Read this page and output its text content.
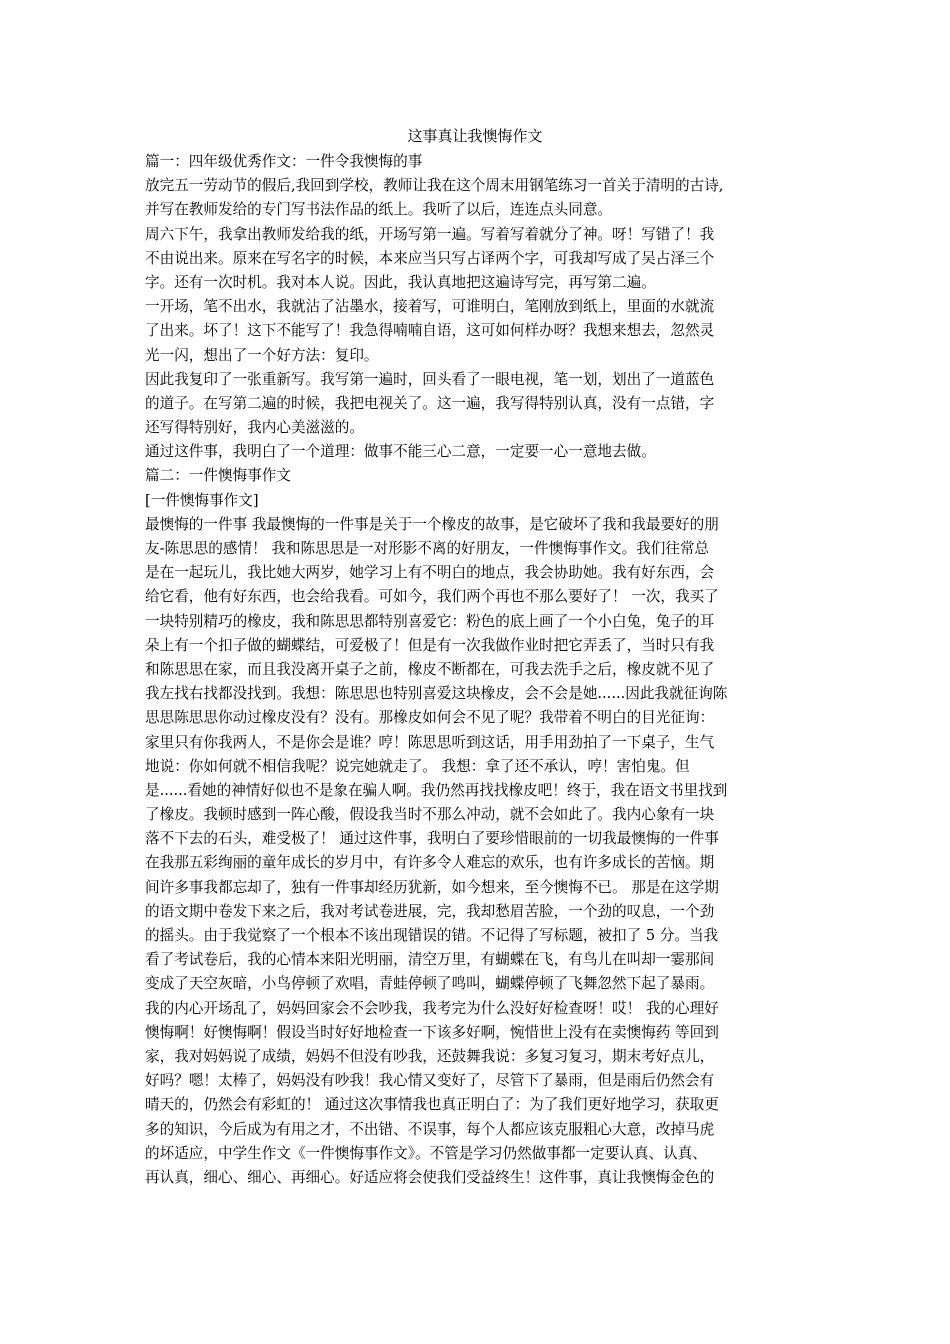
这事真让我懊悔作文
篇一：四年级优秀作文：一件令我懊悔的事
放完五一劳动节的假后,我回到学校，教师让我在这个周末用钢笔练习一首关于清明的古诗,
并写在教师发给的专门写书法作品的纸上。我听了以后，连连点头同意。
周六下午，我拿出教师发给我的纸，开场写第一遍。写着写着就分了神。呀！写错了！我
不由说出来。原来在写名字的时候，本来应当只写占译两个字，可我却写成了吴占泽三个
字。还有一次时机。我对本人说。因此，我认真地把这遍诗写完，再写第二遍。
一开场，笔不出水，我就沾了沾墨水，接着写，可谁明白，笔刚放到纸上，里面的水就流
了出来。坏了！这下不能写了！我急得喃喃自语，这可如何样办呀？我想来想去，忽然灵
光一闪，想出了一个好方法：复印。
因此我复印了一张重新写。我写第一遍时，回头看了一眼电视，笔一划，划出了一道蓝色
的道子。在写第二遍的时候，我把电视关了。这一遍，我写得特别认真，没有一点错，字
还写得特别好，我内心美滋滋的。
通过这件事，我明白了一个道理：做事不能三心二意，一定要一心一意地去做。
篇二：一件懊悔事作文
[一件懊悔事作文]
最懊悔的一件事 我最懊悔的一件事是关于一个橡皮的故事，是它破坏了我和我最要好的朋
友-陈思思的感情！ 我和陈思思是一对形影不离的好朋友，一件懊悔事作文。我们往常总
是在一起玩儿，我比她大两岁，她学习上有不明白的地点，我会协助她。我有好东西，会
给它看，他有好东西，也会给我看。可如今，我们两个再也不那么要好了！ 一次，我买了
一块特别精巧的橡皮，我和陈思思都特别喜爱它：粉色的底上画了一个小白兔，兔子的耳
朵上有一个扣子做的蝴蝶结，可爱极了！但是有一次我做作业时把它弄丢了，当时只有我
和陈思思在家，而且我没离开桌子之前，橡皮不断都在，可我去洗手之后，橡皮就不见了
我左找右找都没找到。我想：陈思思也特别喜爱这块橡皮，会不会是她......因此我就征询陈
思思陈思思你动过橡皮没有？没有。那橡皮如何会不见了呢？我带着不明白的目光征询：
家里只有你我两人，不是你会是谁？哼！陈思思听到这话，用手用劲拍了一下桌子，生气
地说：你如何就不相信我呢？说完她就走了。 我想：拿了还不承认，哼！害怕鬼。但
是......看她的神情好似也不是象在骗人啊。我仍然再找找橡皮吧！终于，我在语文书里找到
了橡皮。我顿时感到一阵心酸，假设我当时不那么冲动，就不会如此了。我内心象有一块
落不下去的石头，难受极了！ 通过这件事，我明白了要珍惜眼前的一切我最懊悔的一件事
在我那五彩绚丽的童年成长的岁月中，有许多令人难忘的欢乐，也有许多成长的苦恼。期
间许多事我都忘却了，独有一件事却经历犹新，如今想来，至今懊悔不已。 那是在这学期
的语文期中卷发下来之后，我对考试卷进展，完，我却愁眉苦脸，一个劲的叹息，一个劲
的摇头。由于我觉察了一个根本不该出现错误的错。不记得了写标题，被扣了 5 分。当我
看了考试卷后，我的心情本来阳光明丽，清空万里，有蝴蝶在飞，有鸟儿在叫却一霎那间
变成了天空灰暗，小鸟停顿了欢唱，青蛙停顿了鸣叫，蝴蝶停顿了飞舞忽然下起了暴雨。
我的内心开场乱了，妈妈回家会不会吵我，我考完为什么没好好检查呀！哎！ 我的心理好
懊悔啊！好懊悔啊！假设当时好好地检查一下该多好啊，惋惜世上没有在卖懊悔药 等回到
家，我对妈妈说了成绩，妈妈不但没有吵我，还鼓舞我说：多复习复习，期末考好点儿，
好吗？嗯！太棒了，妈妈没有吵我！我心情又变好了，尽管下了暴雨，但是雨后仍然会有
晴天的，仍然会有彩虹的！ 通过这次事情我也真正明白了：为了我们更好地学习，获取更
多的知识，今后成为有用之才，不出错、不误事，每个人都应该克服粗心大意，改掉马虎
的坏适应，中学生作文《一件懊悔事作文》。不管是学习仍然做事都一定要认真、认真、
再认真，细心、细心、再细心。好适应将会使我们受益终生！这件事，真让我懊悔金色的
